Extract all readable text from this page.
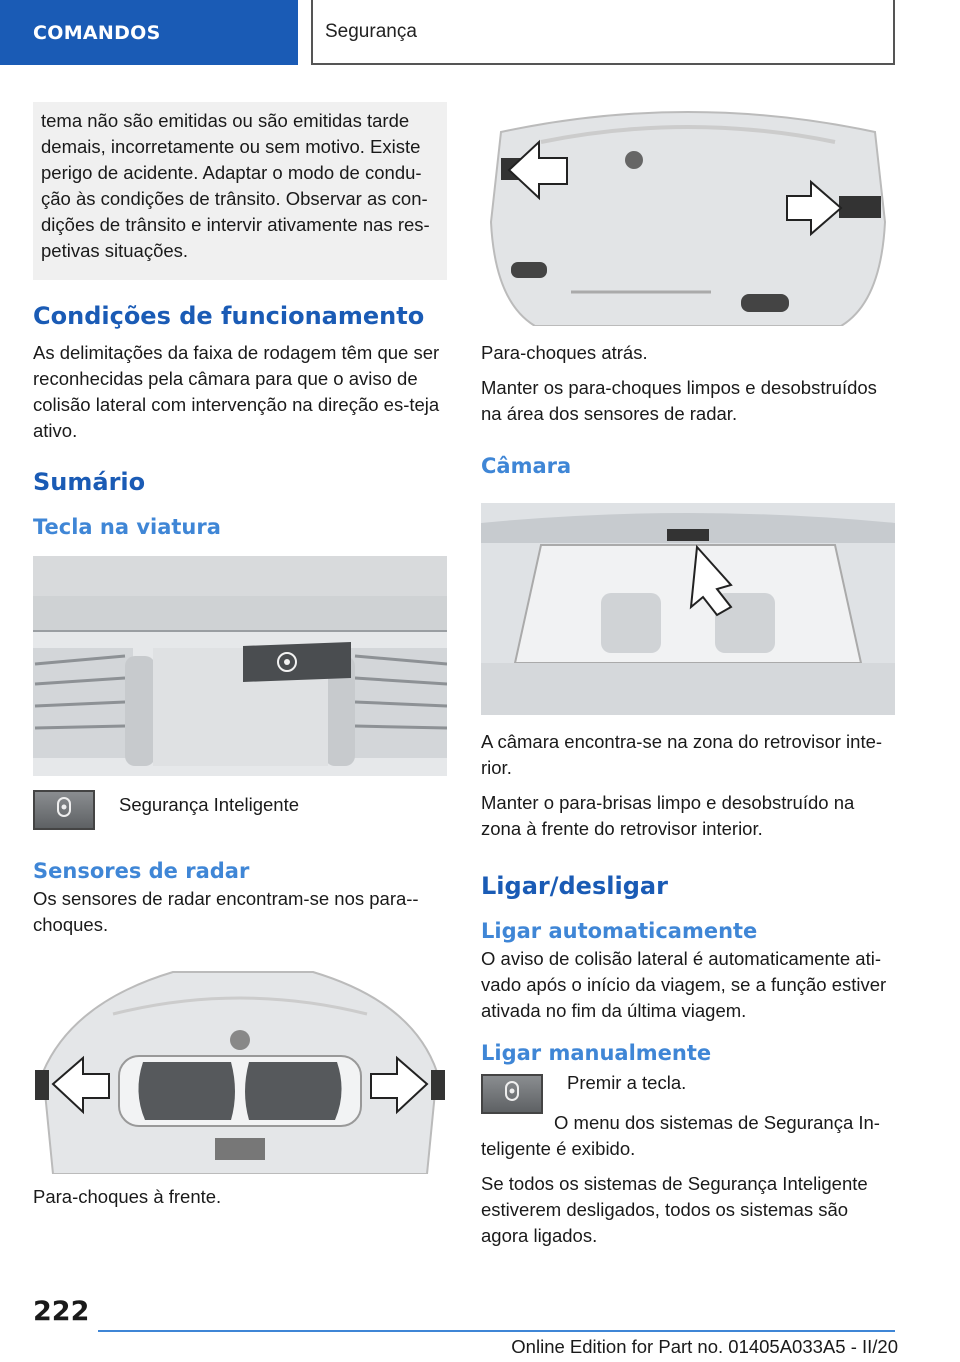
COMANDOS	Segurança

tema não são emitidas ou são emitidas tarde demais, incorretamente ou sem motivo. Existe perigo de acidente. Adaptar o modo de condu-ção às condições de trânsito. Observar as con-dições de trânsito e intervir ativamente nas res-petivas situações.

Condições de funcionamento

As delimitações da faixa de rodagem têm que ser reconhecidas pela câmara para que o aviso de colisão lateral com intervenção na direção es-teja ativo.

Sumário
Tecla na viatura
Segurança Inteligente
Sensores de radar

Os sensores de radar encontram-se nos para--choques.

Para-choques à frente.

Para-choques atrás.

Manter os para-choques limpos e desobstruídos na área dos sensores de radar.

Câmara

A câmara encontra-se na zona do retrovisor inte-rior.

Manter o para-brisas limpo e desobstruído na zona à frente do retrovisor interior.

Ligar/desligar
Ligar automaticamente

O aviso de colisão lateral é automaticamente ati-vado após o início da viagem, se a função estiver ativada no fim da última viagem.

Ligar manualmente

Premir a tecla.

O menu dos sistemas de Segurança In-teligente é exibido.

Se todos os sistemas de Segurança Inteligente estiverem desligados, todos os sistemas são agora ligados.

222
Online Edition for Part no. 01405A033A5 - II/20
